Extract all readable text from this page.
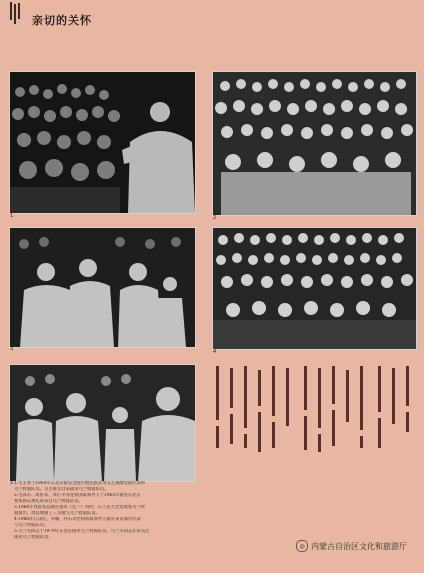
亲切的关怀
1	2
3	4
5 1.毛主席于1964年在北京接见全国少数民族业余文艺观摩会演代表和
乌兰牧骑队员。毛主席亲自来接见乌兰牧骑队员。
2.毛泽东、周恩来、邓小平等党和国家领导人于1965年接见在北京
参加国庆观礼的来自乌兰牧骑队员。
3.1964年周恩来总理在接见（左一）同时，在人民大会堂观看乌兰牧
骑演出，周总理接了三首歌与乌兰牧骑队员。
4.1988年江泽民、李鹏、乔石等党和国家领导人接见来京演出代表
与乌兰牧骑队员。
5.乌兰夫同志于1979年在北京接见乌兰牧骑队员。乌兰夫同志非常关注
接见乌兰牧骑队员。
◎ 内蒙古自治区文化和旅游厅
